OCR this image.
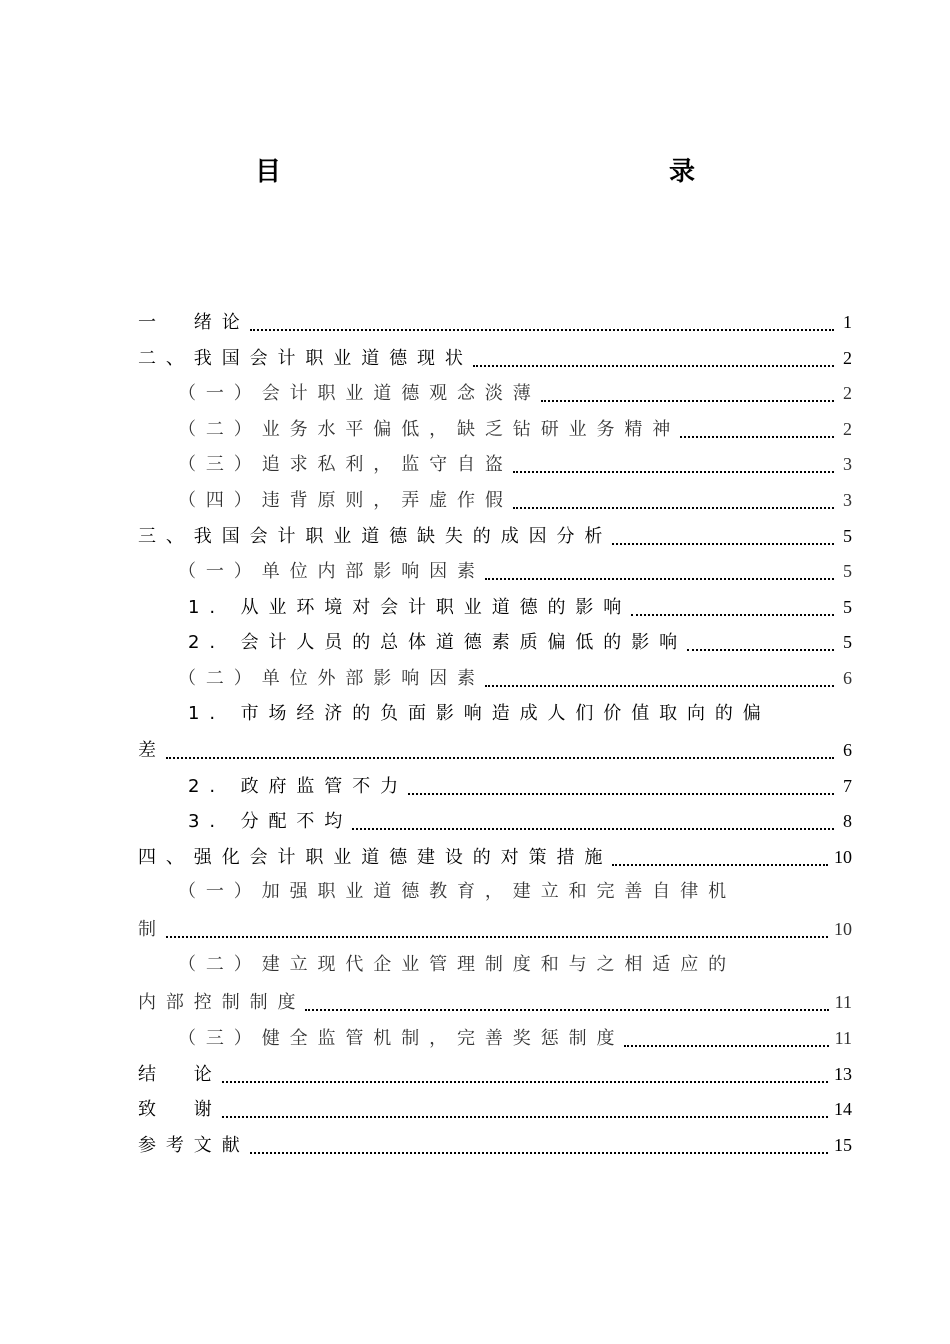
目　　录
一　绪论	1
二、我国会计职业道德现状	2
（一）会计职业道德观念淡薄	2
（二）业务水平偏低，缺乏钻研业务精神	2
（三）追求私利，监守自盗	3
（四）违背原则，弄虚作假	3
三、我国会计职业道德缺失的成因分析	5
（一）单位内部影响因素	5
1. 从业环境对会计职业道德的影响	5
2. 会计人员的总体道德素质偏低的影响	5
（二）单位外部影响因素	6
1. 市场经济的负面影响造成人们价值取向的偏
差	6
2. 政府监管不力	7
3. 分配不均	8
四、强化会计职业道德建设的对策措施	10
（一）加强职业道德教育，建立和完善自律机
制	10
（二）建立现代企业管理制度和与之相适应的
内部控制制度	11
（三）健全监管机制，完善奖惩制度	11
结　论	13
致　谢	14
参考文献	15
